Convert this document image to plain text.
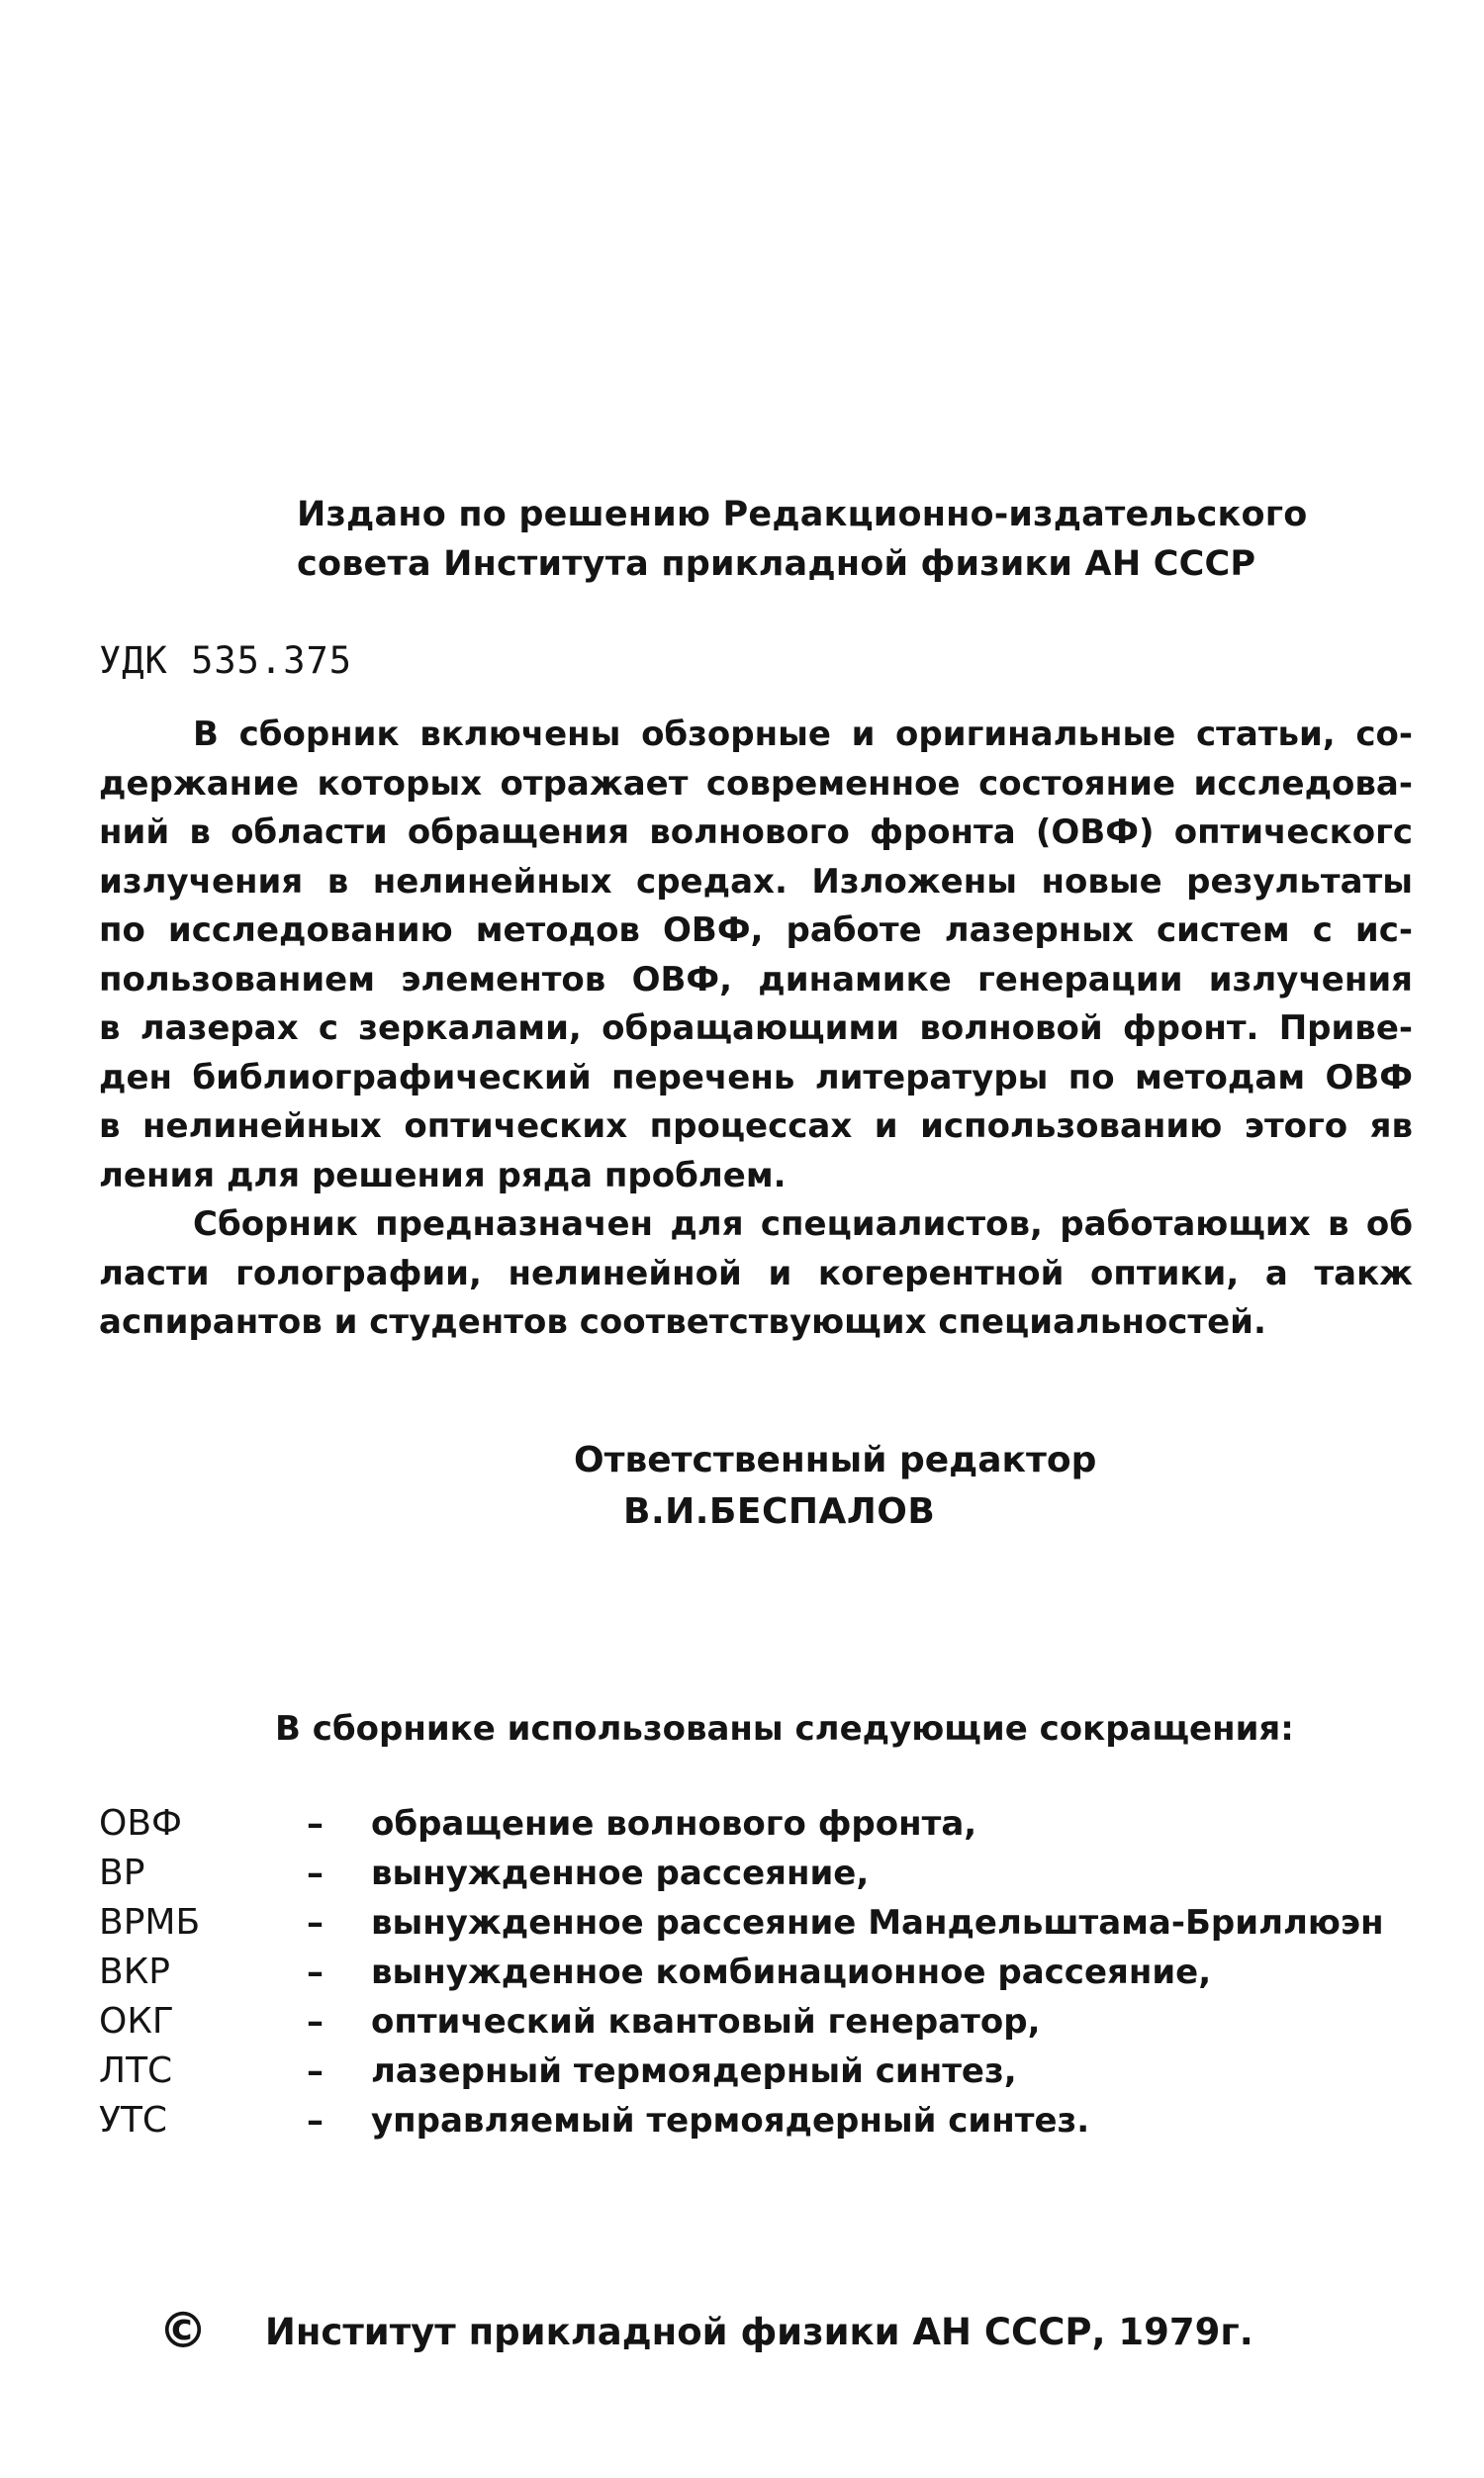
Издано по решению Редакционно-издательского
совета Института прикладной физики АН СССР
УДК 535.375
В сборник включены обзорные и оригинальные статьи, со-
держание которых отражает современное состояние исследова-
ний в области обращения волнового фронта (ОВФ) оптическогс
излучения в нелинейных средах. Изложены новые результаты
по исследованию методов ОВФ, работе лазерных систем с ис-
пользованием элементов ОВФ, динамике генерации излучения
в лазерах с зеркалами, обращающими волновой фронт. Приве-
ден библиографический перечень литературы по методам ОВФ
в нелинейных оптических процессах и использованию этого яв
ления для решения ряда проблем.
Сборник предназначен для специалистов, работающих в об
ласти голографии, нелинейной и когерентной оптики, а такж
аспирантов и студентов соответствующих специальностей.
Ответственный редактор
В.И.БЕСПАЛОВ
В сборнике использованы следующие сокращения:
ОВФ	– обращение волнового фронта,
ВР	– вынужденное рассеяние,
ВРМБ	– вынужденное рассеяние Мандельштама-Бриллюэн
ВКР	– вынужденное комбинационное рассеяние,
ОКГ	– оптический квантовый генератор,
ЛТС	– лазерный термоядерный синтез,
УТС	– управляемый термоядерный синтез.
© Институт прикладной физики АН СССР, 1979г.
